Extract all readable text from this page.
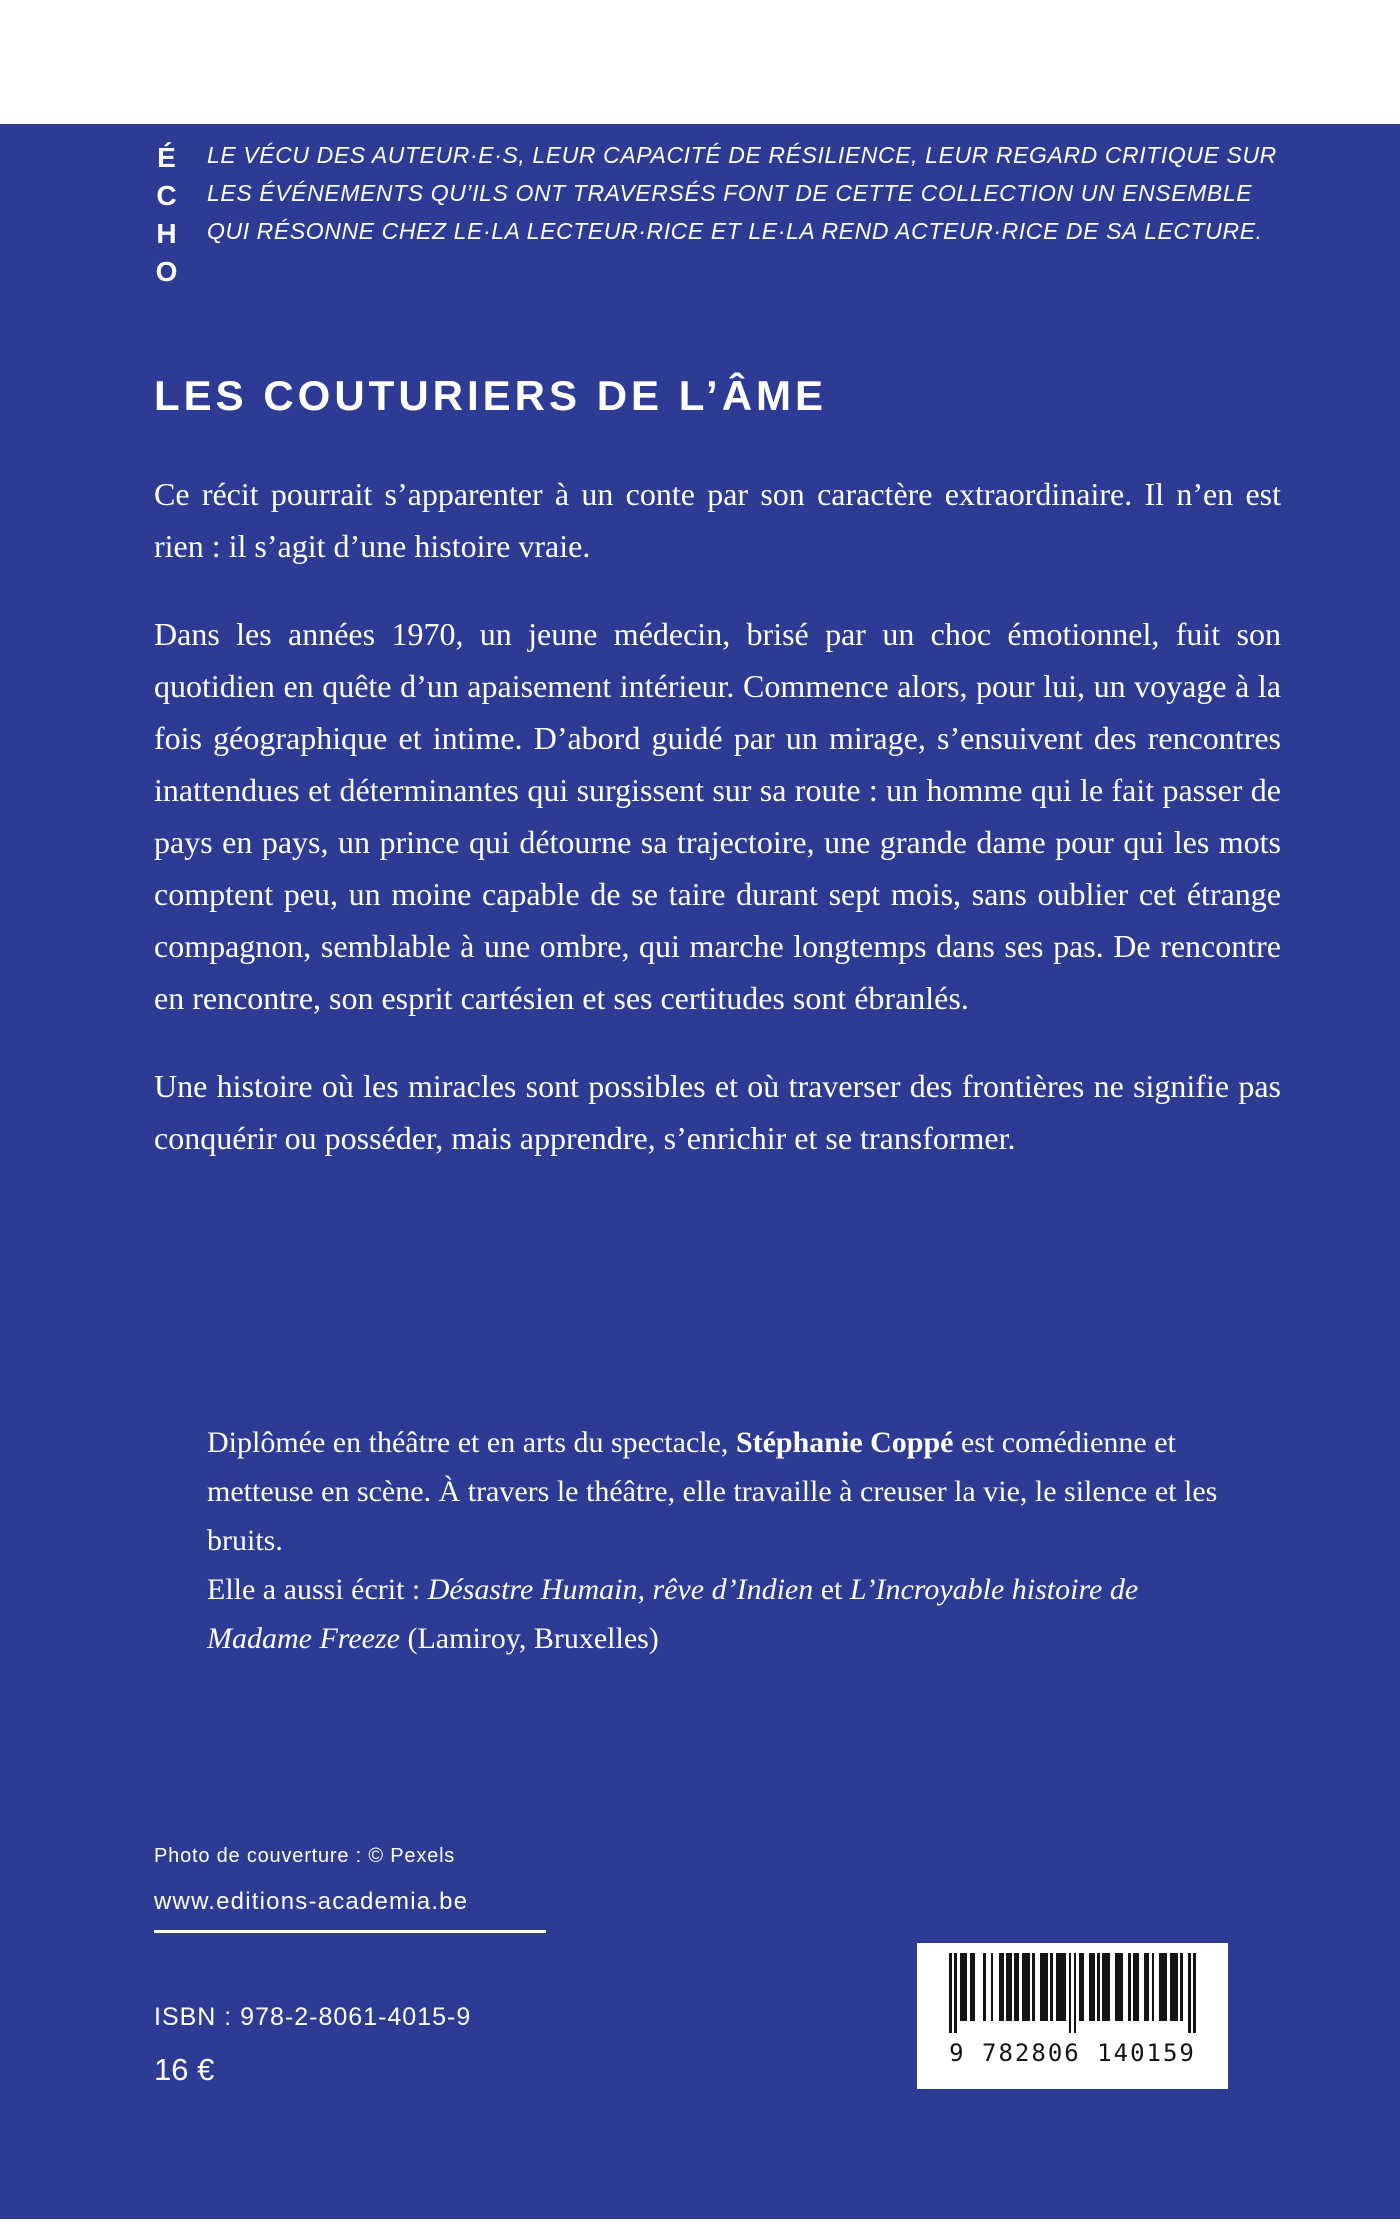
ÉCHO LE VÉCU DES AUTEUR·E·S, LEUR CAPACITÉ DE RÉSILIENCE, LEUR REGARD CRITIQUE SUR LES ÉVÉNEMENTS QU’ILS ONT TRAVERSÉS FONT DE CETTE COLLECTION UN ENSEMBLE QUI RÉSONNE CHEZ LE·LA LECTEUR·RICE ET LE·LA REND ACTEUR·RICE DE SA LECTURE.

LES COUTURIERS DE L’ÂME

Ce récit pourrait s’apparenter à un conte par son caractère extraordinaire. Il n’en est rien : il s’agit d’une histoire vraie.

Dans les années 1970, un jeune médecin, brisé par un choc émotionnel, fuit son quotidien en quête d’un apaisement intérieur. Commence alors, pour lui, un voyage à la fois géographique et intime. D’abord guidé par un mirage, s’ensuivent des rencontres inattendues et déterminantes qui surgissent sur sa route : un homme qui le fait passer de pays en pays, un prince qui détourne sa trajectoire, une grande dame pour qui les mots comptent peu, un moine capable de se taire durant sept mois, sans oublier cet étrange compagnon, semblable à une ombre, qui marche longtemps dans ses pas. De rencontre en rencontre, son esprit cartésien et ses certitudes sont ébranlés.

Une histoire où les miracles sont possibles et où traverser des frontières ne signifie pas conquérir ou posséder, mais apprendre, s’enrichir et se transformer.

Diplômée en théâtre et en arts du spectacle, Stéphanie Coppé est comédienne et metteuse en scène. À travers le théâtre, elle travaille à creuser la vie, le silence et les bruits.

Elle a aussi écrit : Désastre Humain, rêve d’Indien et L’Incroyable histoire de Madame Freeze (Lamiroy, Bruxelles)

Photo de couverture : © Pexels
www.editions-academia.be
ISBN : 978-2-8061-4015-9
16 €	9 782806 140159
